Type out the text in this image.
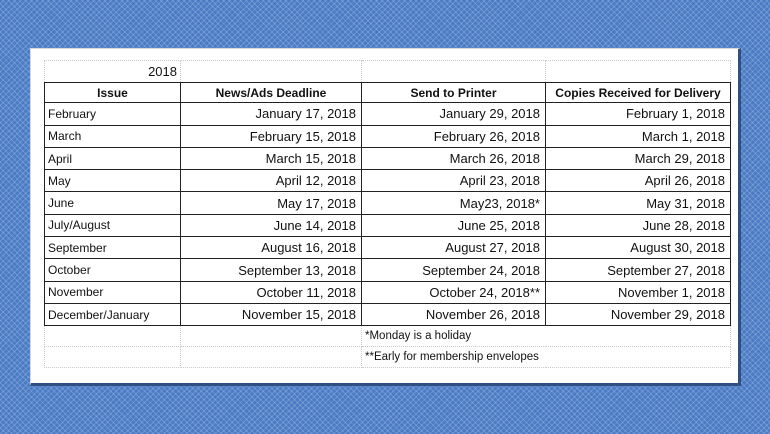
2018			
Issue	News/Ads Deadline	Send to Printer	Copies Received for Delivery
February	January 17, 2018	January 29, 2018	February 1, 2018
March	February 15, 2018	February 26, 2018	March 1, 2018
April	March 15, 2018	March 26, 2018	March 29, 2018
May	April 12, 2018	April 23, 2018	April 26, 2018
June	May 17, 2018	May23, 2018*	May 31, 2018
July/August	June 14, 2018	June 25, 2018	June 28, 2018
September	August 16, 2018	August 27, 2018	August 30, 2018
October	September 13, 2018	September 24, 2018	September 27, 2018
November	October 11, 2018	October 24, 2018**	November 1, 2018
December/January	November 15, 2018	November 26, 2018	November 29, 2018
		*Monday is a holiday	
		**Early for membership envelopes	
